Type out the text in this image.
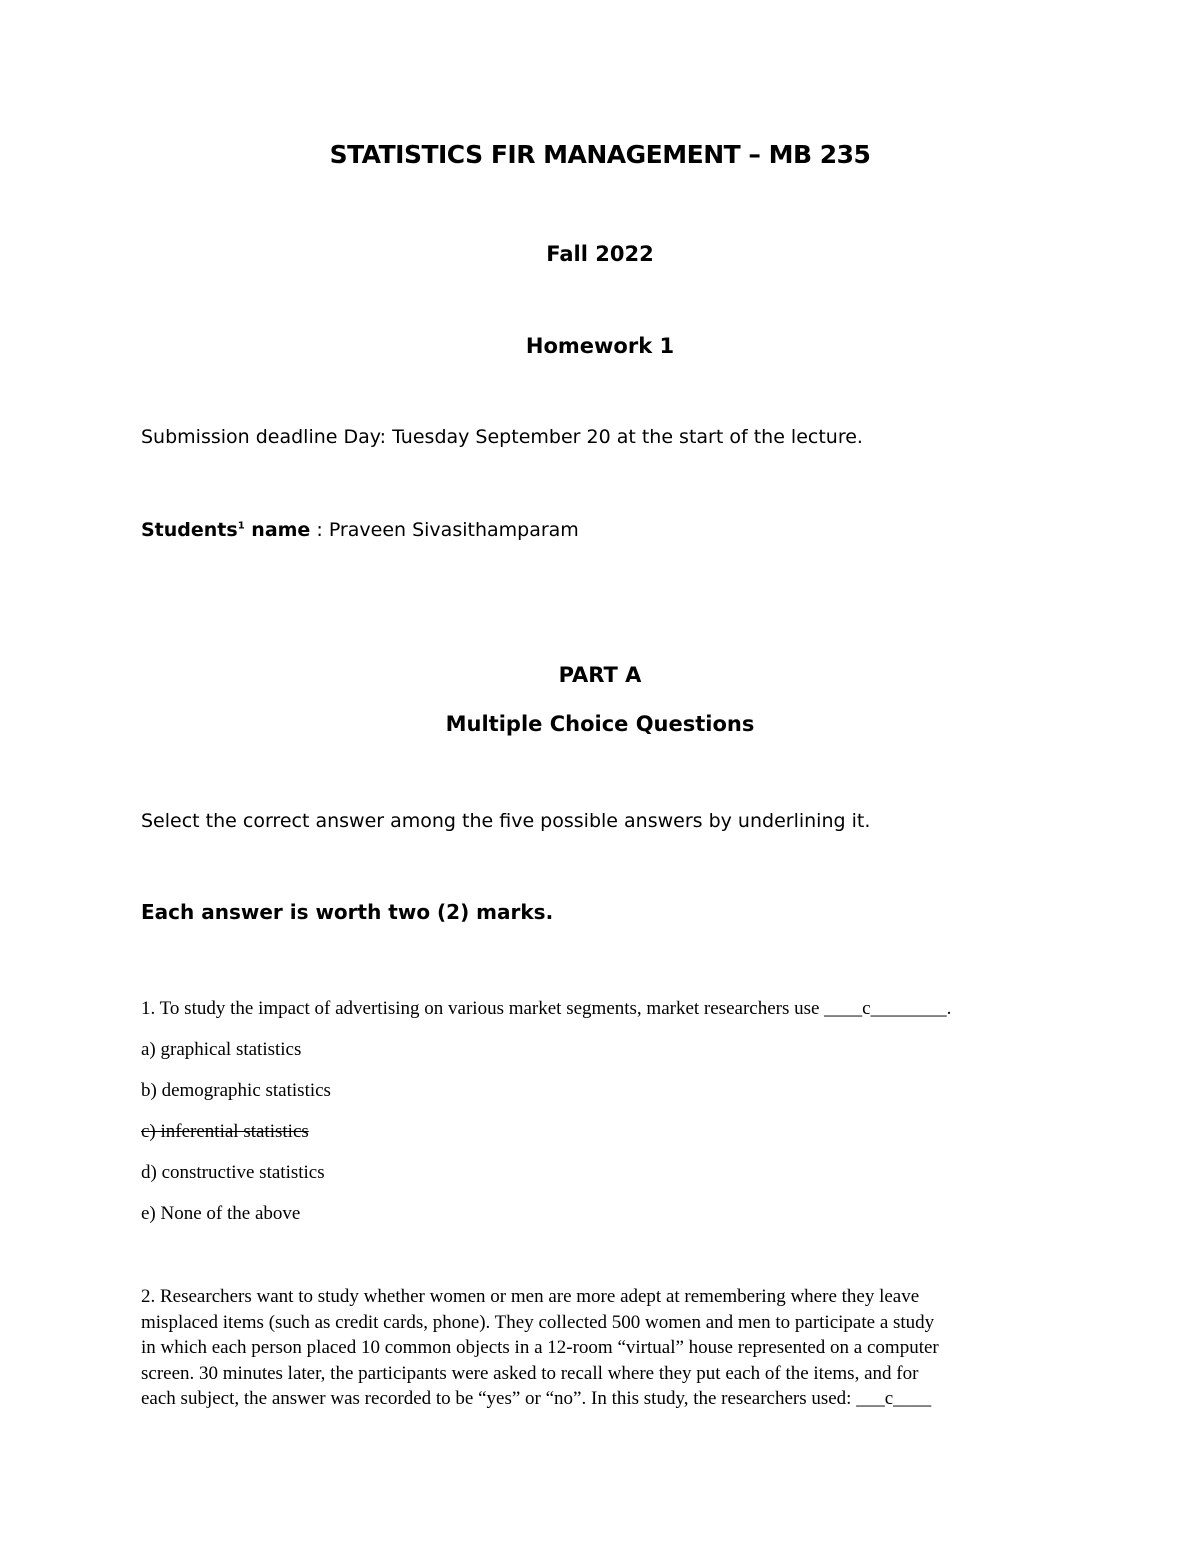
STATISTICS FIR MANAGEMENT – MB 235
Fall 2022
Homework 1
Submission deadline Day: Tuesday September 20 at the start of the lecture.
Students$^1$ name : Praveen Sivasithamparam
PART A
Multiple Choice Questions
Select the correct answer among the five possible answers by underlining it.
Each answer is worth two (2) marks.
1. To study the impact of advertising on various market segments, market researchers use ____c________.
a) graphical statistics
b) demographic statistics
c) inferential statistics
d) constructive statistics
e) None of the above
2. Researchers want to study whether women or men are more adept at remembering where they leave
misplaced items (such as credit cards, phone). They collected 500 women and men to participate a study
in which each person placed 10 common objects in a 12-room “virtual” house represented on a computer
screen. 30 minutes later, the participants were asked to recall where they put each of the items, and for
each subject, the answer was recorded to be “yes” or “no”. In this study, the researchers used: ___c____
